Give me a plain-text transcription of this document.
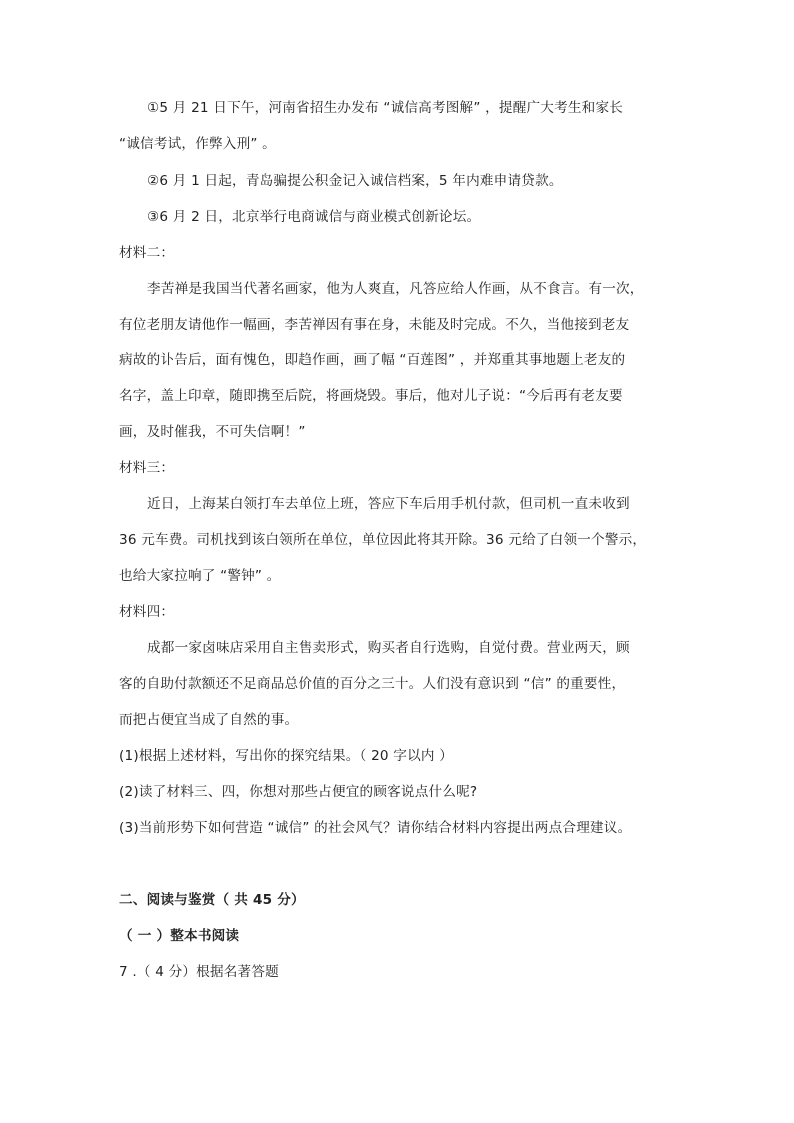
①5 月 21 日下午，河南省招生办发布 “诚信高考图解” ，提醒广大考生和家长
“诚信考试，作弊入刑” 。
②6 月 1 日起，青岛骗提公积金记入诚信档案，5 年内难申请贷款。
③6 月 2 日，北京举行电商诚信与商业模式创新论坛。
材料二：
李苦禅是我国当代著名画家，他为人爽直，凡答应给人作画，从不食言。有一次，
有位老朋友请他作一幅画，李苦禅因有事在身，未能及时完成。不久，当他接到老友
病故的讣告后，面有愧色，即趋作画，画了幅 “百莲图” ，并郑重其事地题上老友的
名字，盖上印章，随即携至后院，将画烧毁。事后，他对儿子说：“今后再有老友要
画，及时催我，不可失信啊！”
材料三：
近日，上海某白领打车去单位上班，答应下车后用手机付款，但司机一直未收到
36 元车费。司机找到该白领所在单位，单位因此将其开除。36 元给了白领一个警示，
也给大家拉响了 “警钟” 。
材料四：
成都一家卤味店采用自主售卖形式，购买者自行选购，自觉付费。营业两天，顾
客的自助付款额还不足商品总价值的百分之三十。人们没有意识到 “信” 的重要性，
而把占便宜当成了自然的事。
(1)根据上述材料，写出你的探究结果。（ 20 字以内 ）
(2)读了材料三、四，你想对那些占便宜的顾客说点什么呢?
(3)当前形势下如何营造 “诚信” 的社会风气？请你结合材料内容提出两点合理建议。
二、阅读与鉴赏（ 共 45 分）
（ 一 ）整本书阅读
7 .（ 4 分）根据名著答题
